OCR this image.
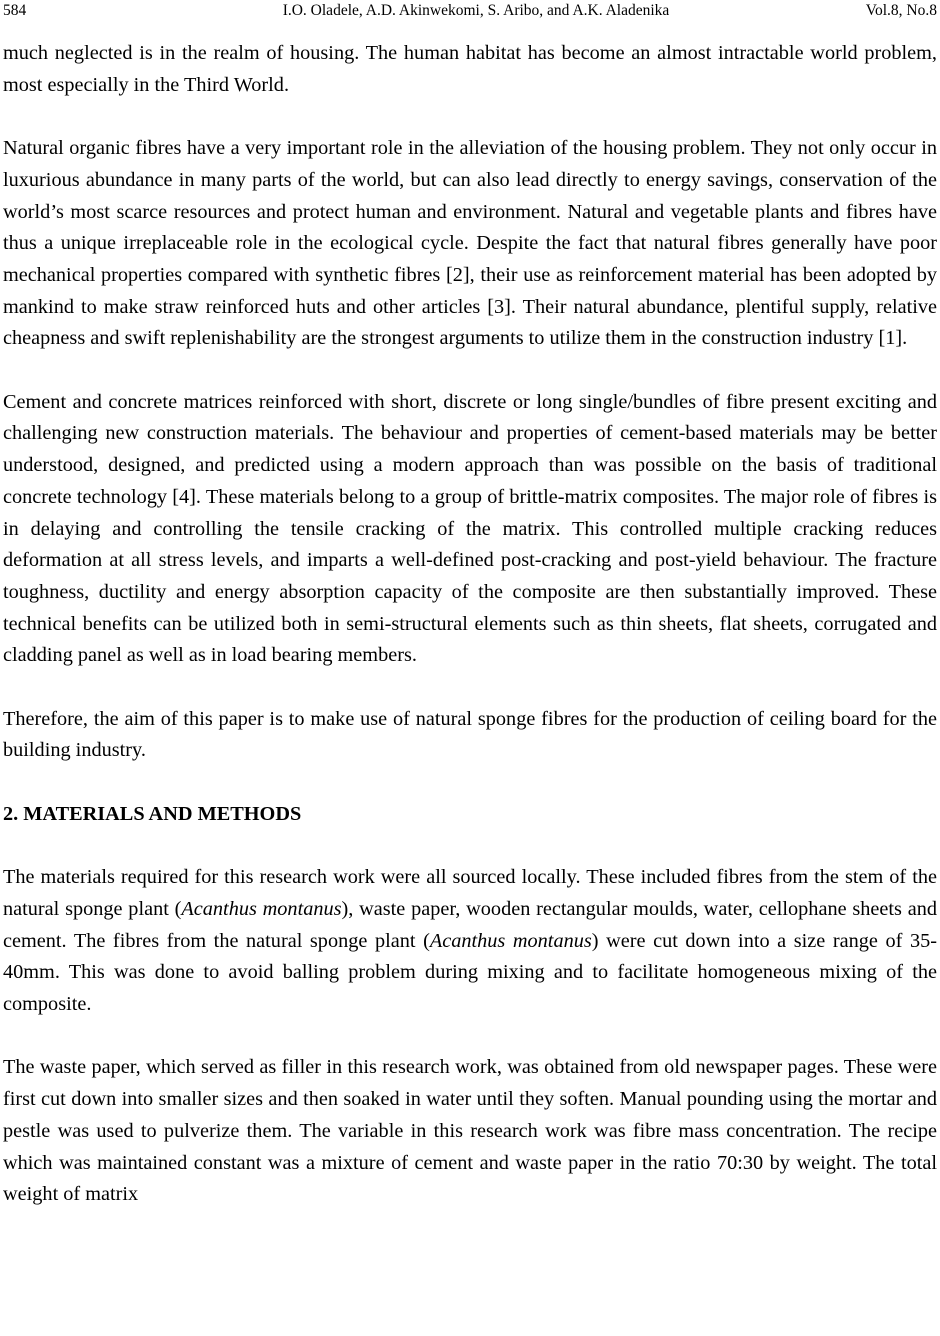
584	I.O. Oladele, A.D. Akinwekomi, S. Aribo, and A.K. Aladenika	Vol.8, No.8

much neglected is in the realm of housing. The human habitat has become an almost intractable world problem, most especially in the Third World.

Natural organic fibres have a very important role in the alleviation of the housing problem. They not only occur in luxurious abundance in many parts of the world, but can also lead directly to energy savings, conservation of the world’s most scarce resources and protect human and environment. Natural and vegetable plants and fibres have thus a unique irreplaceable role in the ecological cycle. Despite the fact that natural fibres generally have poor mechanical properties compared with synthetic fibres [2], their use as reinforcement material has been adopted by mankind to make straw reinforced huts and other articles [3]. Their natural abundance, plentiful supply, relative cheapness and swift replenishability are the strongest arguments to utilize them in the construction industry [1].

Cement and concrete matrices reinforced with short, discrete or long single/bundles of fibre present exciting and challenging new construction materials. The behaviour and properties of cement-based materials may be better understood, designed, and predicted using a modern approach than was possible on the basis of traditional concrete technology [4]. These materials belong to a group of brittle-matrix composites. The major role of fibres is in delaying and controlling the tensile cracking of the matrix. This controlled multiple cracking reduces deformation at all stress levels, and imparts a well-defined post-cracking and post-yield behaviour. The fracture toughness, ductility and energy absorption capacity of the composite are then substantially improved. These technical benefits can be utilized both in semi-structural elements such as thin sheets, flat sheets, corrugated and cladding panel as well as in load bearing members.

Therefore, the aim of this paper is to make use of natural sponge fibres for the production of ceiling board for the building industry.

2. MATERIALS AND METHODS

The materials required for this research work were all sourced locally. These included fibres from the stem of the natural sponge plant (Acanthus montanus), waste paper, wooden rectangular moulds, water, cellophane sheets and cement. The fibres from the natural sponge plant (Acanthus montanus) were cut down into a size range of 35-40mm. This was done to avoid balling problem during mixing and to facilitate homogeneous mixing of the composite.

The waste paper, which served as filler in this research work, was obtained from old newspaper pages. These were first cut down into smaller sizes and then soaked in water until they soften. Manual pounding using the mortar and pestle was used to pulverize them. The variable in this research work was fibre mass concentration. The recipe which was maintained constant was a mixture of cement and waste paper in the ratio 70:30 by weight. The total weight of matrix
